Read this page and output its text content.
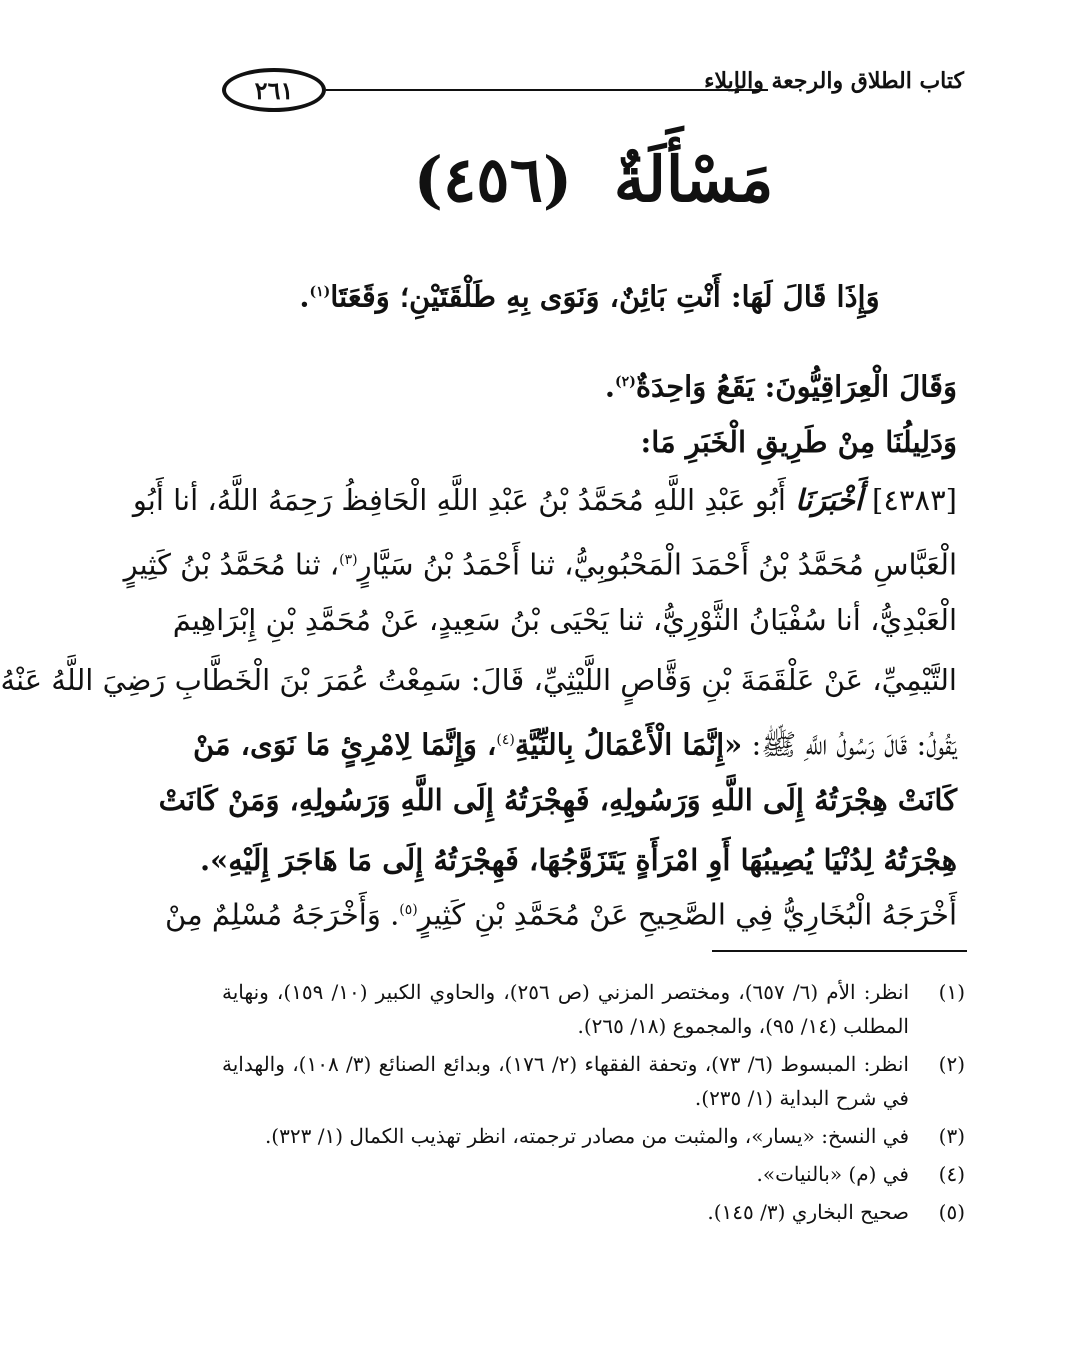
٢٦١	كتاب الطلاق والرجعة والإيلاء
مَسْأَلَةٌ (٤٥٦)
وَإِذَا قَالَ لَهَا: أَنْتِ بَائِنٌ، وَنَوَى بِهِ طَلْقَتَيْنِ؛ وَقَعَتَا$^{(١)}$.
وَقَالَ الْعِرَاقِيُّونَ: يَقَعُ وَاحِدَةٌ$^{(٢)}$.
وَدَلِيلُنَا مِنْ طَرِيقِ الْخَبَرِ مَا:
[٤٣٨٣] أَخْبَرَنَا أَبُو عَبْدِ اللَّهِ مُحَمَّدُ بْنُ عَبْدِ اللَّهِ الْحَافِظُ رَحِمَهُ اللَّهُ، أنا أَبُو
الْعَبَّاسِ مُحَمَّدُ بْنُ أَحْمَدَ الْمَحْبُوبِيُّ، ثنا أَحْمَدُ بْنُ سَيَّارٍ$^{(٣)}$، ثنا مُحَمَّدُ بْنُ كَثِيرٍ
الْعَبْدِيُّ، أنا سُفْيَانُ الثَّوْرِيُّ، ثنا يَحْيَى بْنُ سَعِيدٍ، عَنْ مُحَمَّدِ بْنِ إِبْرَاهِيمَ
التَّيْمِيِّ، عَنْ عَلْقَمَةَ بْنِ وَقَّاصٍ اللَّيْثِيِّ، قَالَ: سَمِعْتُ عُمَرَ بْنَ الْخَطَّابِ رَضِيَ اللَّهُ عَنْهُ
يَقُولُ: قَالَ رَسُولُ اللَّهِ ﷺ: «إِنَّمَا الْأَعْمَالُ بِالنِّيَّةِ$^{(٤)}$، وَإِنَّمَا لِامْرِئٍ مَا نَوَى، مَنْ
كَانَتْ هِجْرَتُهُ إِلَى اللَّهِ وَرَسُولِهِ، فَهِجْرَتُهُ إِلَى اللَّهِ وَرَسُولِهِ، وَمَنْ كَانَتْ
هِجْرَتُهُ لِدُنْيَا يُصِيبُهَا أَوِ امْرَأَةٍ يَتَزَوَّجُهَا، فَهِجْرَتُهُ إِلَى مَا هَاجَرَ إِلَيْهِ».
أَخْرَجَهُ الْبُخَارِيُّ فِي الصَّحِيحِ عَنْ مُحَمَّدِ بْنِ كَثِيرٍ$^{(٥)}$. وَأَخْرَجَهُ مُسْلِمٌ مِنْ
(١)
انظر: الأم (٦/ ٦٥٧)، ومختصر المزني (ص ٢٥٦)، والحاوي الكبير (١٠/ ١٥٩)، ونهاية المطلب (١٤/ ٩٥)، والمجموع (١٨/ ٢٦٥).
(٢)
انظر: المبسوط (٦/ ٧٣)، وتحفة الفقهاء (٢/ ١٧٦)، وبدائع الصنائع (٣/ ١٠٨)، والهداية في شرح البداية (١/ ٢٣٥).
(٣)
في النسخ: «يسار»، والمثبت من مصادر ترجمته، انظر تهذيب الكمال (١/ ٣٢٣).
(٤)
في (م) «بالنيات».
(٥)
صحيح البخاري (٣/ ١٤٥).
